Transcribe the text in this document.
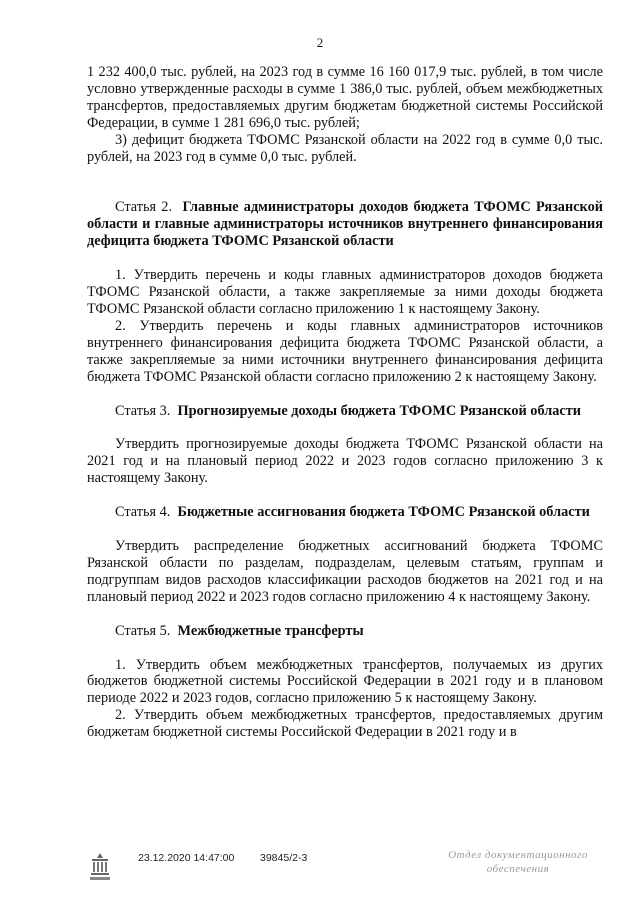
2

1 232 400,0 тыс. рублей, на 2023 год в сумме 16 160 017,9 тыс. рублей, в том числе условно утвержденные расходы в сумме 1 386,0 тыс. рублей, объем межбюджетных трансфертов, предоставляемых другим бюджетам бюджетной системы Российской Федерации, в сумме 1 281 696,0 тыс. рублей;

3) дефицит бюджета ТФОМС Рязанской области на 2022 год в сумме 0,0 тыс. рублей, на 2023 год в сумме 0,0 тыс. рублей.

Статья 2. Главные администраторы доходов бюджета ТФОМС Рязанской области и главные администраторы источников внутреннего финансирования дефицита бюджета ТФОМС Рязанской области

1. Утвердить перечень и коды главных администраторов доходов бюджета ТФОМС Рязанской области, а также закрепляемые за ними доходы бюджета ТФОМС Рязанской области согласно приложению 1 к настоящему Закону.

2. Утвердить перечень и коды главных администраторов источников внутреннего финансирования дефицита бюджета ТФОМС Рязанской области, а также закрепляемые за ними источники внутреннего финансирования дефицита бюджета ТФОМС Рязанской области согласно приложению 2 к настоящему Закону.

Статья 3. Прогнозируемые доходы бюджета ТФОМС Рязанской области

Утвердить прогнозируемые доходы бюджета ТФОМС Рязанской области на 2021 год и на плановый период 2022 и 2023 годов согласно приложению 3 к настоящему Закону.

Статья 4. Бюджетные ассигнования бюджета ТФОМС Рязанской области

Утвердить распределение бюджетных ассигнований бюджета ТФОМС Рязанской области по разделам, подразделам, целевым статьям, группам и подгруппам видов расходов классификации расходов бюджетов на 2021 год и на плановый период 2022 и 2023 годов согласно приложению 4 к настоящему Закону.

Статья 5. Межбюджетные трансферты

1. Утвердить объем межбюджетных трансфертов, получаемых из других бюджетов бюджетной системы Российской Федерации в 2021 году и в плановом периоде 2022 и 2023 годов, согласно приложению 5 к настоящему Закону.

2. Утвердить объем межбюджетных трансфертов, предоставляемых другим бюджетам бюджетной системы Российской Федерации в 2021 году и в

23.12.2020 14:47:00 39845/2-3	Отдел документационного
обеспечения
